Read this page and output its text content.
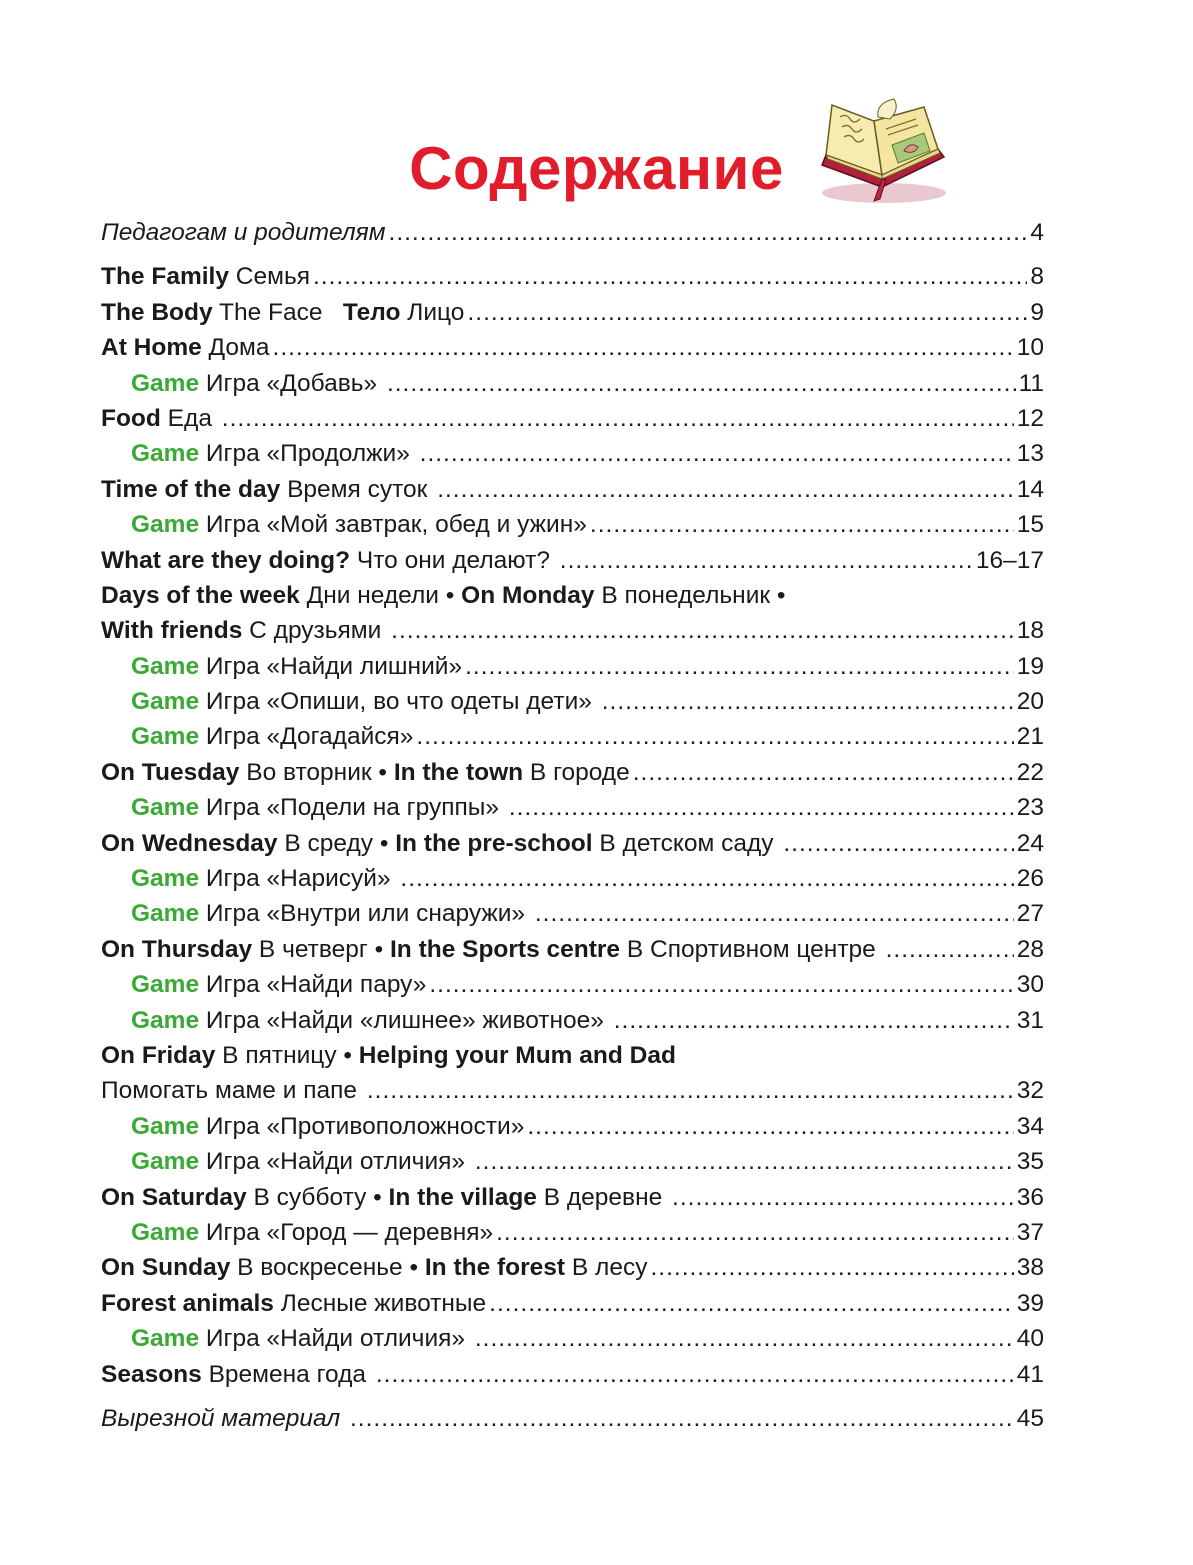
Содержание
Педагогам и родителям .....	4
The Family Семья .....	8
The Body The Face   Тело Лицо .....	9
At Home Дома .....	10
Game Игра «Добавь» .....	11
Food Еда .....	12
Game Игра «Продолжи» .....	13
Time of the day Время суток .....	14
Game Игра «Мой завтрак, обед и ужин» .....	15
What are they doing? Что они делают? .....	16–17
Days of the week Дни недели • On Monday В понедельник •
With friends С друзьями .....	18
Game Игра «Найди лишний» .....	19
Game Игра «Опиши, во что одеты дети» .....	20
Game Игра «Догадайся» .....	21
On Tuesday Во вторник • In the town В городе .....	22
Game Игра «Подели на группы» .....	23
On Wednesday В среду • In the pre-school В детском саду .....	24
Game Игра «Нарисуй» .....	26
Game Игра «Внутри или снаружи» .....	27
On Thursday В четверг • In the Sports centre В Спортивном центре .....	28
Game Игра «Найди пару» .....	30
Game Игра «Найди «лишнее» животное» .....	31
On Friday В пятницу • Helping your Mum and Dad
Помогать маме и папе .....	32
Game Игра «Противоположности» .....	34
Game Игра «Найди отличия» .....	35
On Saturday В субботу • In the village В деревне .....	36
Game Игра «Город — деревня» .....	37
On Sunday В воскресенье • In the forest В лесу .....	38
Forest animals Лесные животные .....	39
Game Игра «Найди отличия» .....	40
Seasons Времена года .....	41
Вырезной материал .....	45
